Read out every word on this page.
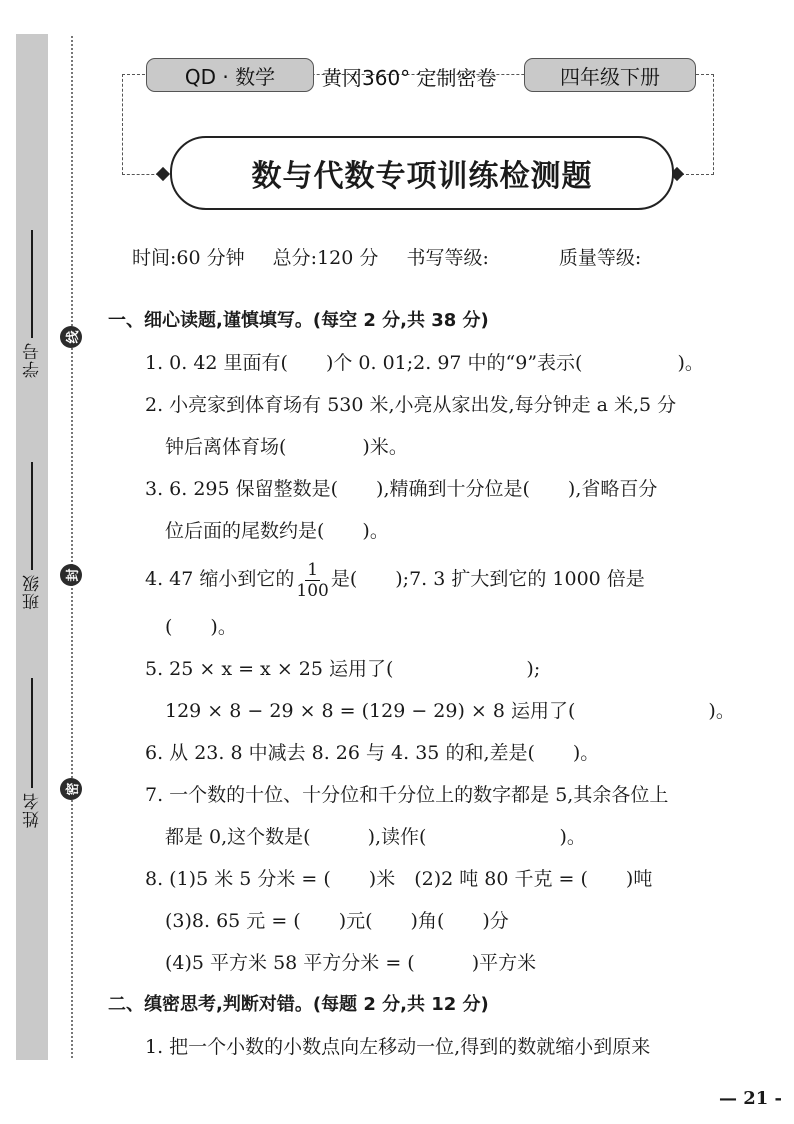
线
封
密
学号
班级
姓名
QD · 数学	黄冈360° 定制密卷	四年级下册
数与代数专项训练检测题
时间:60 分钟 总分:120 分 书写等级:	质量等级:
一、细心读题,谨慎填写。(每空 2 分,共 38 分)
1. 0. 42 里面有(　　)个 0. 01;2. 97 中的“9”表示(　　　　　)。
2. 小亮家到体育场有 530 米,小亮从家出发,每分钟走 a 米,5 分
钟后离体育场(　　　　)米。
3. 6. 295 保留整数是(　　),精确到十分位是(　　),省略百分
位后面的尾数约是(　　)。
4. 47 缩小到它的 $\frac{1}{100}$ 是(　　);7. 3 扩大到它的 1000 倍是
(　　)。
5. 25 × x = x × 25 运用了(　　　　　　　);
129 × 8 − 29 × 8 = (129 − 29) × 8 运用了(　　　　　　　)。
6. 从 23. 8 中减去 8. 26 与 4. 35 的和,差是(　　)。
7. 一个数的十位、十分位和千分位上的数字都是 5,其余各位上
都是 0,这个数是(　　　),读作(　　　　　　　)。
8. (1)5 米 5 分米 = (　　)米　(2)2 吨 80 千克 = (　　)吨
(3)8. 65 元 = (　　)元(　　)角(　　)分
(4)5 平方米 58 平方分米 = (　　　)平方米
二、缜密思考,判断对错。(每题 2 分,共 12 分)
1. 把一个小数的小数点向左移动一位,得到的数就缩小到原来
— 21 -
